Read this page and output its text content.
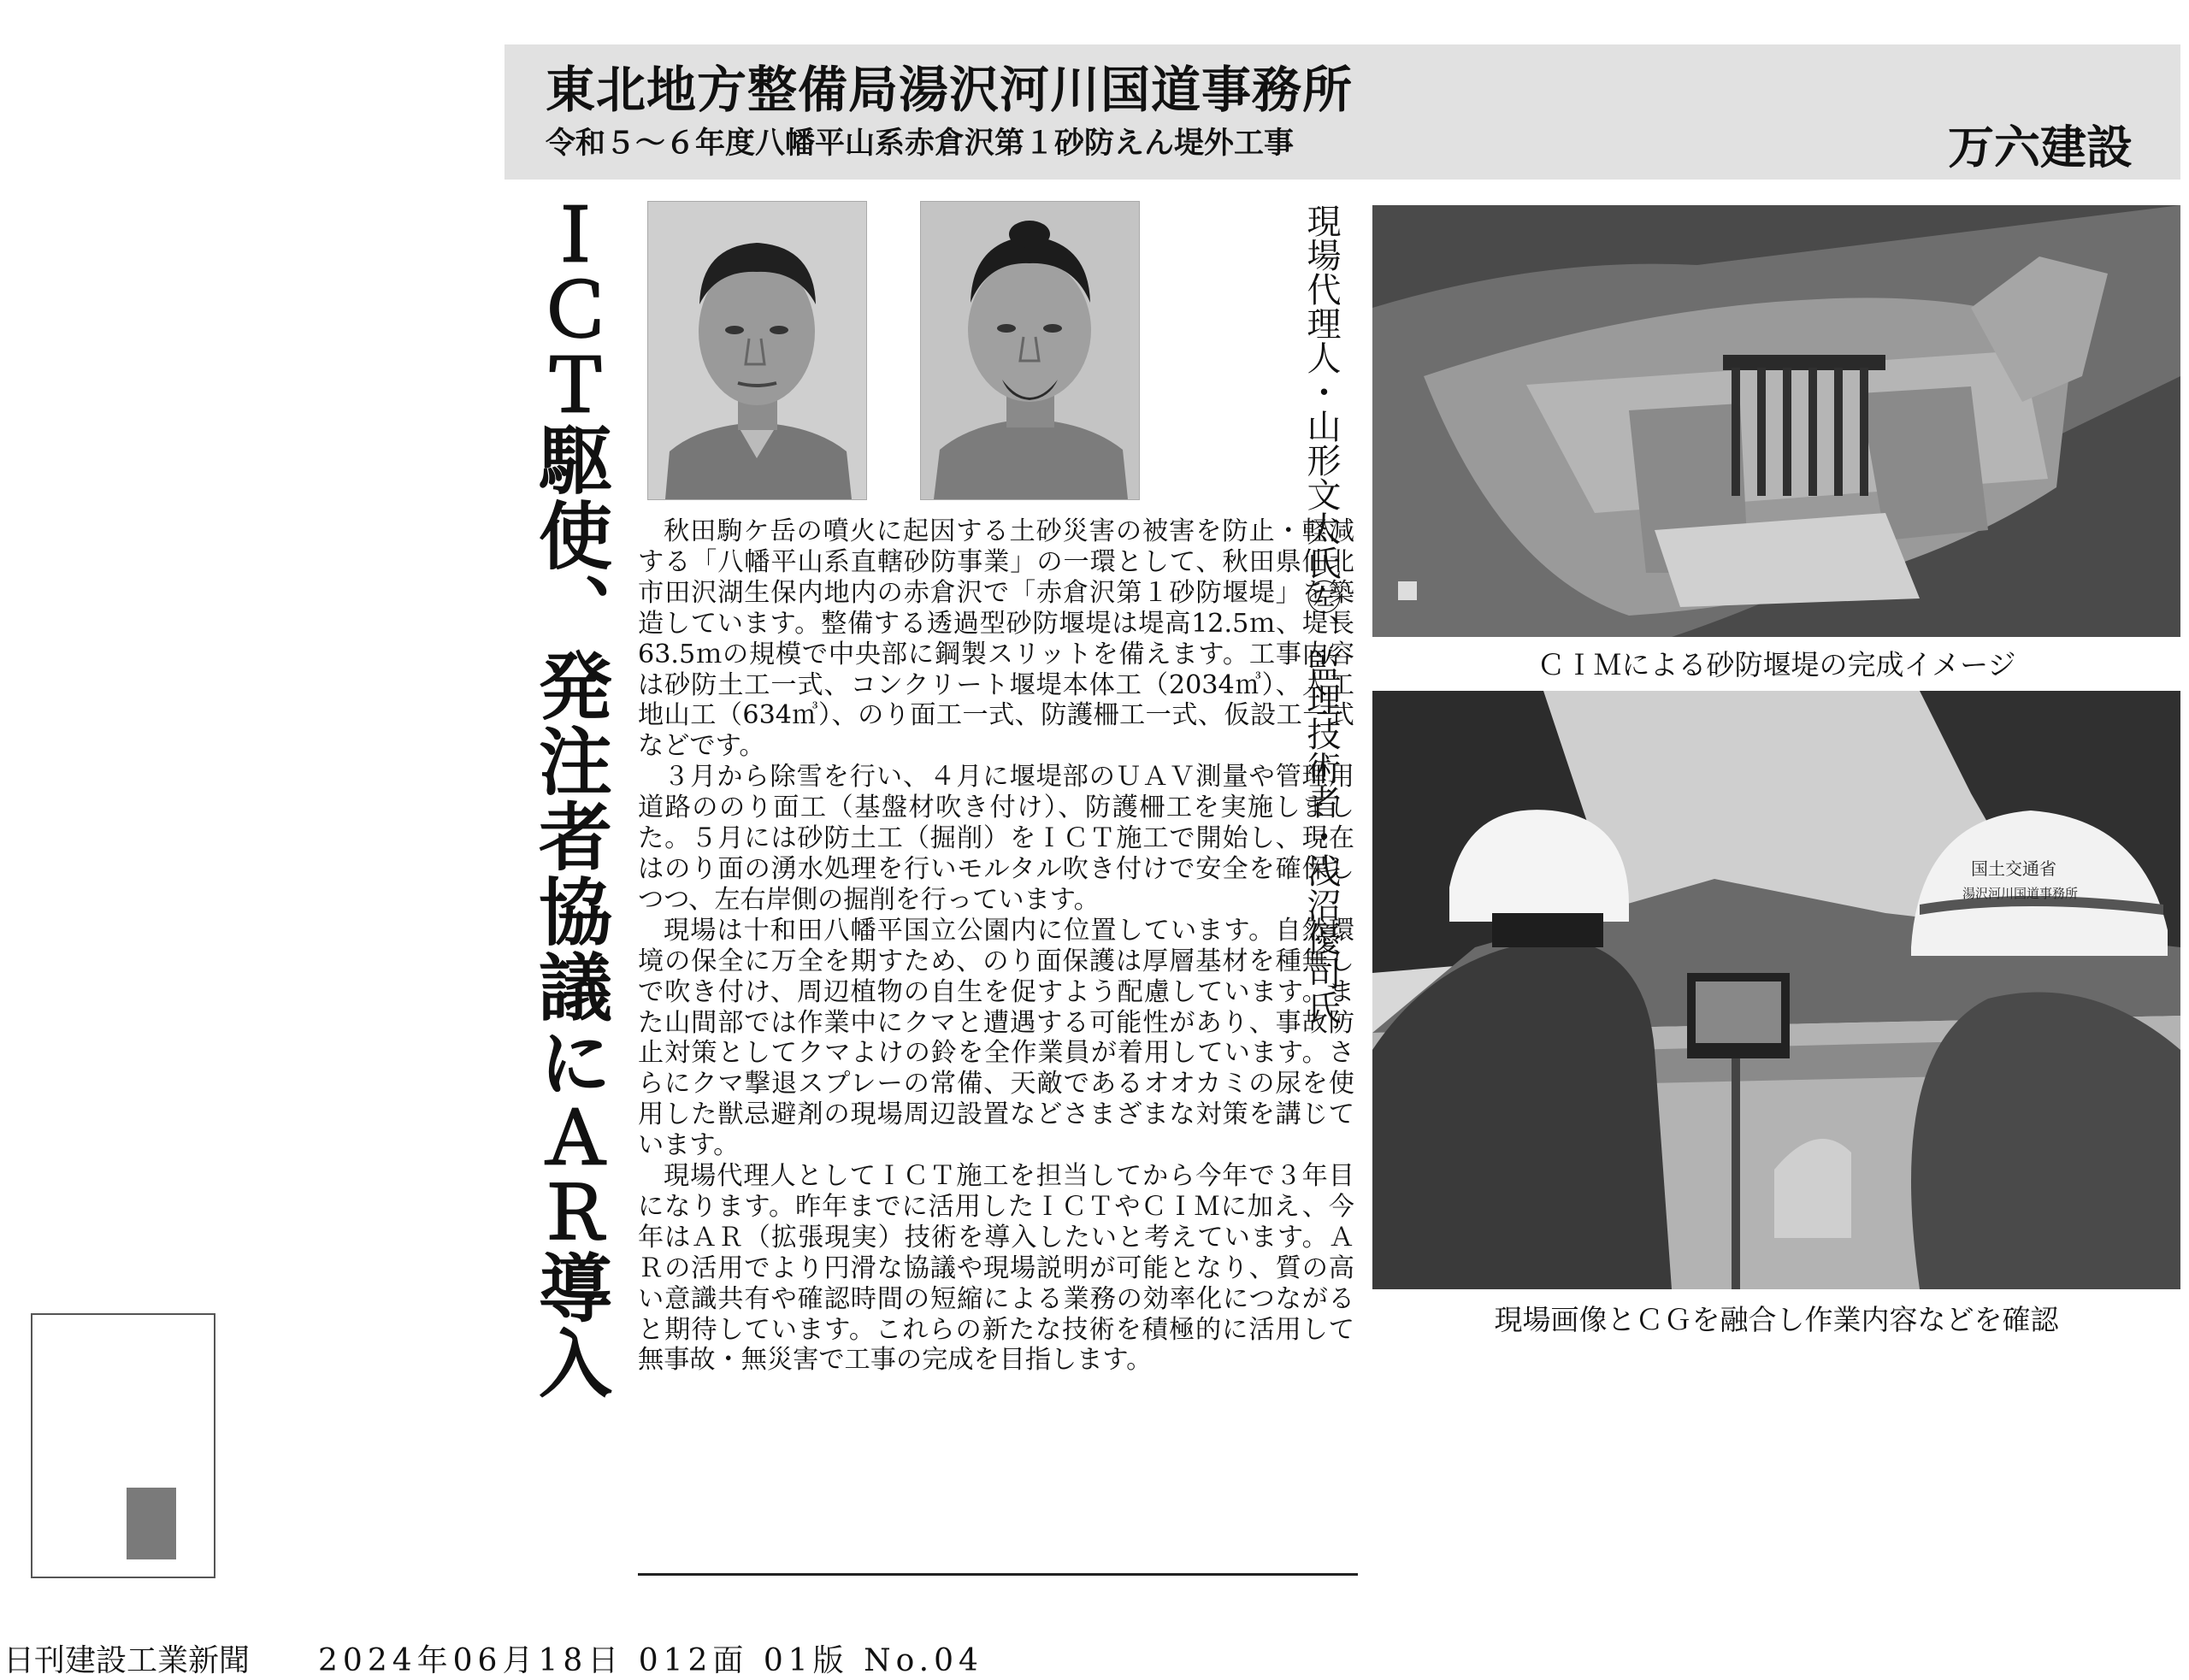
東北地方整備局湯沢河川国道事務所
令和５～６年度八幡平山系赤倉沢第１砂防えん堤外工事	万六建設
ＩＣＴ駆使、発注者協議にＡＲ導入	現場代理人・山形文太氏㊧、監理技術者・浅沼優司氏

秋田駒ケ岳の噴火に起因する土砂災害の被害を防止・軽減する「八幡平山系直轄砂防事業」の一環として、秋田県仙北市田沢湖生保内地内の赤倉沢で「赤倉沢第１砂防堰堤」を築造しています。整備する透過型砂防堰堤は堤高12.5ｍ、堤長63.5ｍの規模で中央部に鋼製スリットを備えます。工事内容は砂防土工一式、コンクリート堰堤本体工（2034㎥）、人工地山工（634㎥）、のり面工一式、防護柵工一式、仮設工一式などです。

３月から除雪を行い、４月に堰堤部のＵＡＶ測量や管理用道路ののり面工（基盤材吹き付け）、防護柵工を実施しました。５月には砂防土工（掘削）をＩＣＴ施工で開始し、現在はのり面の湧水処理を行いモルタル吹き付けで安全を確保しつつ、左右岸側の掘削を行っています。

現場は十和田八幡平国立公園内に位置しています。自然環境の保全に万全を期すため、のり面保護は厚層基材を種無しで吹き付け、周辺植物の自生を促すよう配慮しています。また山間部では作業中にクマと遭遇する可能性があり、事故防止対策としてクマよけの鈴を全作業員が着用しています。さらにクマ撃退スプレーの常備、天敵であるオオカミの尿を使用した獣忌避剤の現場周辺設置などさまざまな対策を講じています。

現場代理人としてＩＣＴ施工を担当してから今年で３年目になります。昨年までに活用したＩＣＴやＣＩＭに加え、今年はＡＲ（拡張現実）技術を導入したいと考えています。ＡＲの活用でより円滑な協議や現場説明が可能となり、質の高い意識共有や確認時間の短縮による業務の効率化につながると期待しています。これらの新たな技術を積極的に活用して無事故・無災害で工事の完成を目指します。

ＣＩＭによる砂防堰堤の完成イメージ
国土交通省
湯沢河川国道事務所
現場画像とＣＧを融合し作業内容などを確認
日刊建設工業新聞 2024年06月18日 012面 01版 No.04
